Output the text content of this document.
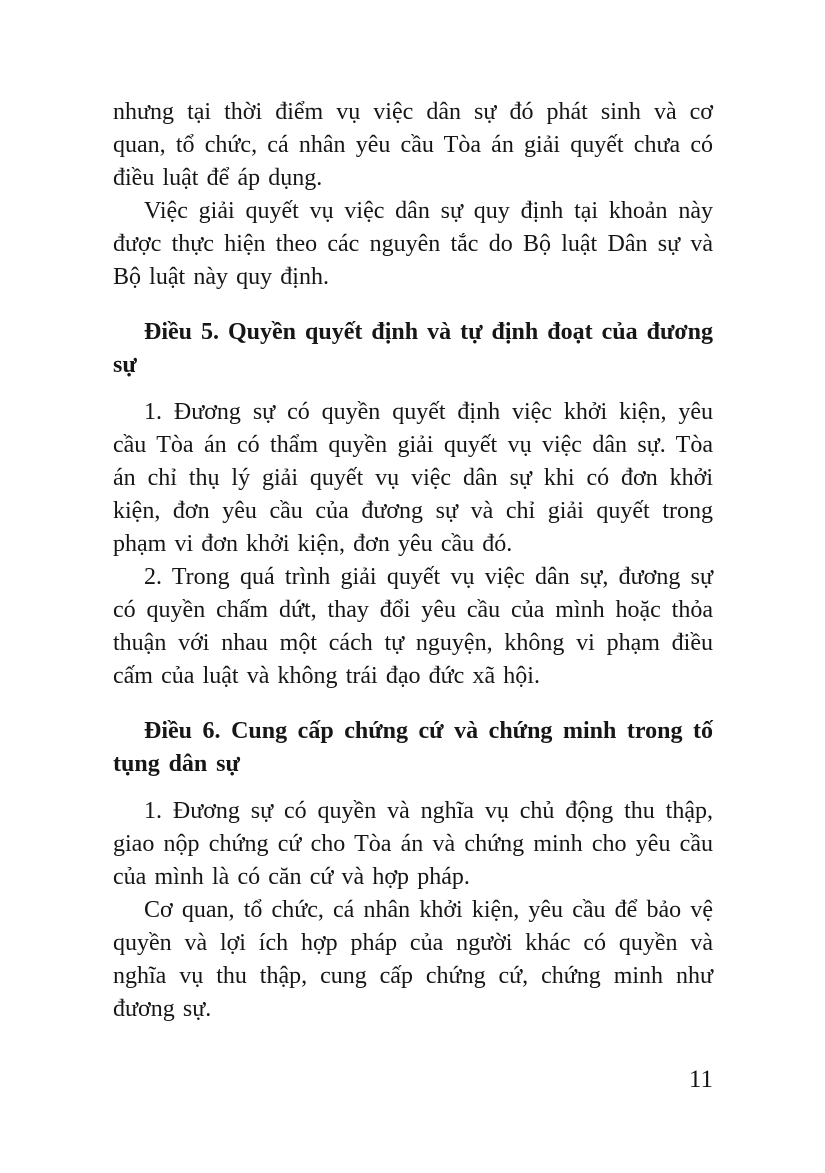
nhưng tại thời điểm vụ việc dân sự đó phát sinh và cơ quan, tổ chức, cá nhân yêu cầu Tòa án giải quyết chưa có điều luật để áp dụng.

Việc giải quyết vụ việc dân sự quy định tại khoản này được thực hiện theo các nguyên tắc do Bộ luật Dân sự và Bộ luật này quy định.

Điều 5. Quyền quyết định và tự định đoạt của đương sự

1. Đương sự có quyền quyết định việc khởi kiện, yêu cầu Tòa án có thẩm quyền giải quyết vụ việc dân sự. Tòa án chỉ thụ lý giải quyết vụ việc dân sự khi có đơn khởi kiện, đơn yêu cầu của đương sự và chỉ giải quyết trong phạm vi đơn khởi kiện, đơn yêu cầu đó.

2. Trong quá trình giải quyết vụ việc dân sự, đương sự có quyền chấm dứt, thay đổi yêu cầu của mình hoặc thỏa thuận với nhau một cách tự nguyện, không vi phạm điều cấm của luật và không trái đạo đức xã hội.

Điều 6. Cung cấp chứng cứ và chứng minh trong tố tụng dân sự

1. Đương sự có quyền và nghĩa vụ chủ động thu thập, giao nộp chứng cứ cho Tòa án và chứng minh cho yêu cầu của mình là có căn cứ và hợp pháp.

Cơ quan, tổ chức, cá nhân khởi kiện, yêu cầu để bảo vệ quyền và lợi ích hợp pháp của người khác có quyền và nghĩa vụ thu thập, cung cấp chứng cứ, chứng minh như đương sự.

11
